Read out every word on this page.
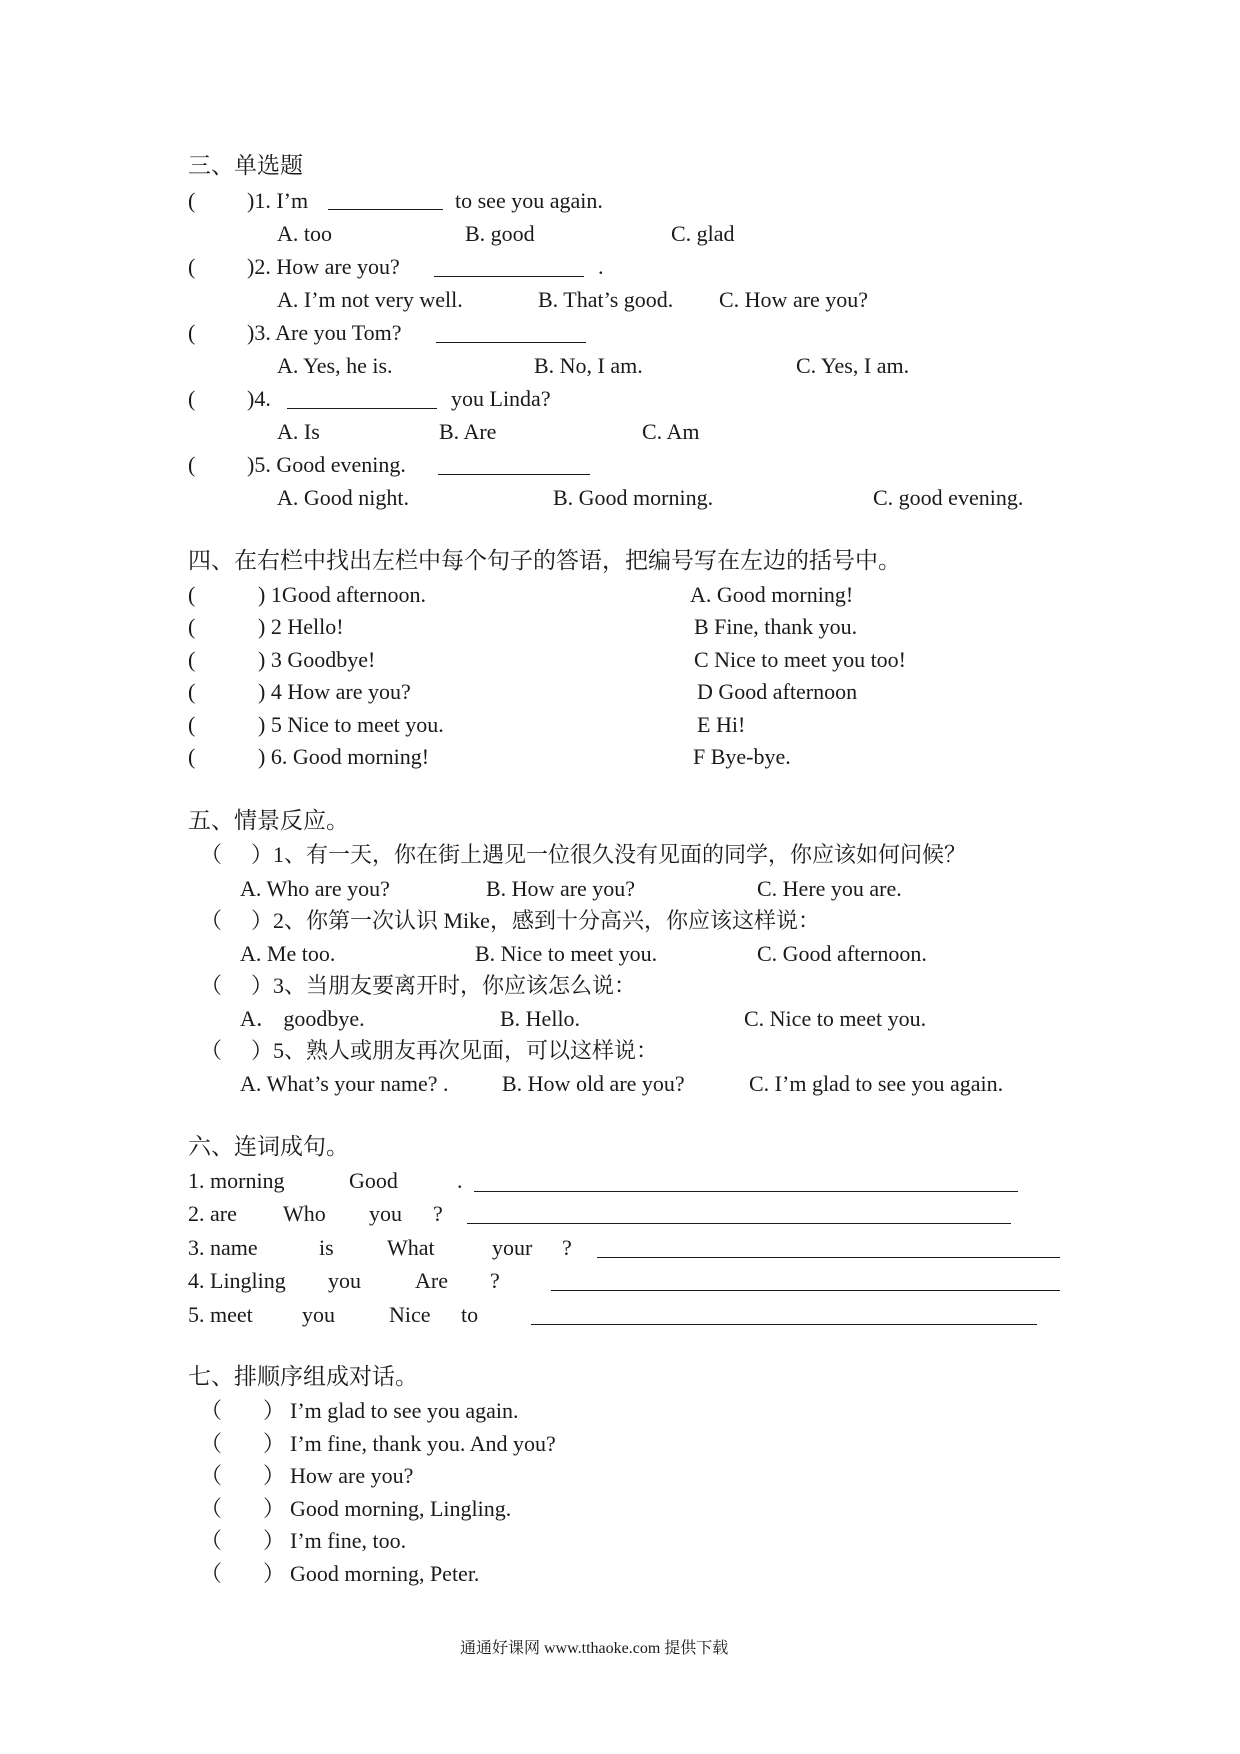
三、单选题
( )1. I’m	to see you again.
A. too	B. good	C. glad
( )2. How are you?	.
A. I’m not very well.	B. That’s good. C. How are you?
( )3. Are you Tom?
A. Yes, he is.	B. No, I am.	C. Yes, I am.
( )4.	you Linda?
A. Is	B. Are	C. Am
( )5. Good evening.
A. Good night.	B. Good morning.	C. good evening.
四、在右栏中找出左栏中每个句子的答语，把编号写在左边的括号中。
(	) 1Good afternoon.	A. Good morning!
(	) 2 Hello!	B Fine, thank you.
(	) 3 Goodbye!	C Nice to meet you too!
(	) 4 How are you?	D Good afternoon
(	) 5 Nice to meet you.	E Hi!
(	) 6. Good morning!	F Bye-bye.
五、情景反应。
（ ）1、有一天，你在街上遇见一位很久没有见面的同学，你应该如何问候？
A. Who are you?	B. How are you?	C. Here you are.
（ ）2、你第一次认识 Mike，感到十分高兴，你应该这样说：
A. Me too.	B. Nice to meet you.	C. Good afternoon.
（ ）3、当朋友要离开时，你应该怎么说：
A． goodbye.	B. Hello.	C. Nice to meet you.
（ ）5、熟人或朋友再次见面，可以这样说：
A. What’s your name? . B. How old are you?	C. I’m glad to see you again.
六、连词成句。
1. morning	Good	.
2. are Who you ?
3. name	is What	your ?
4. Lingling you Are ?
5. meet you Nice to
七、排顺序组成对话。
（ ） I’m glad to see you again.
（ ） I’m fine, thank you. And you?
（ ） How are you?
（ ） Good morning, Lingling.
（ ） I’m fine, too.
（ ） Good morning, Peter.
通通好课网 www.tthaoke.com 提供下载
